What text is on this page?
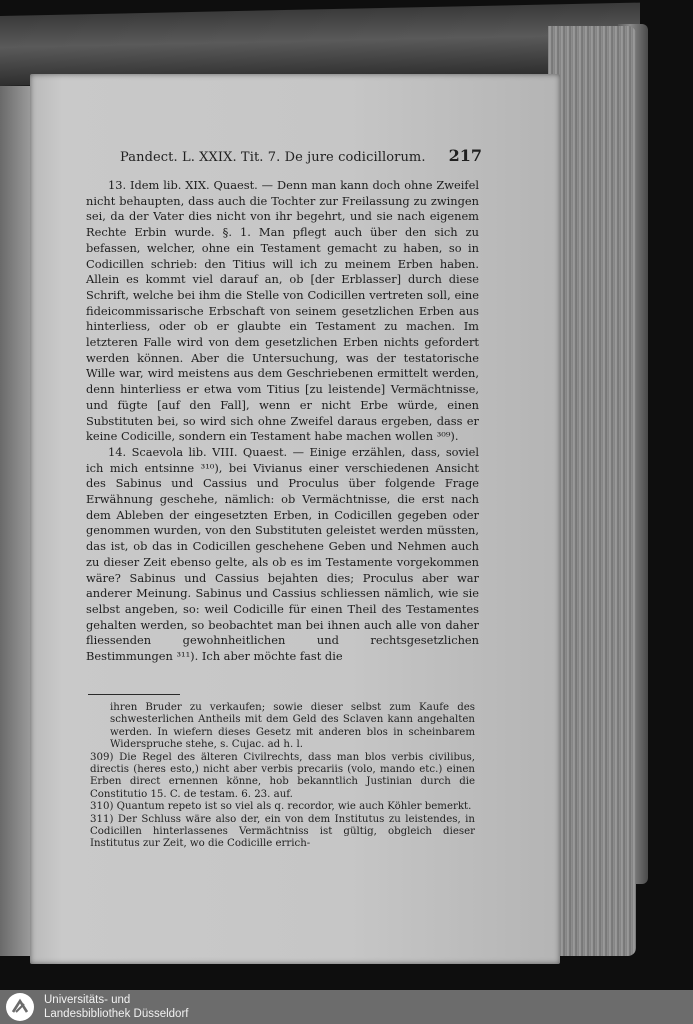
Pandect. L. XXIX. Tit. 7. De jure codicillorum. 217

13. Idem lib. XIX. Quaest. — Denn man kann doch ohne Zweifel nicht behaupten, dass auch die Tochter zur Freilassung zu zwingen sei, da der Vater dies nicht von ihr begehrt, und sie nach eigenem Rechte Erbin wurde. §. 1. Man pflegt auch über den sich zu befassen, welcher, ohne ein Testament gemacht zu haben, so in Codicillen schrieb: den Titius will ich zu meinem Erben haben. Allein es kommt viel darauf an, ob [der Erblasser] durch diese Schrift, welche bei ihm die Stelle von Codicillen vertreten soll, eine fideicommissarische Erbschaft von seinem gesetzlichen Erben aus hinterliess, oder ob er glaubte ein Testament zu machen. Im letzteren Falle wird von dem gesetzlichen Erben nichts gefordert werden können. Aber die Untersuchung, was der testatorische Wille war, wird meistens aus dem Geschriebenen ermittelt werden, denn hinterliess er etwa vom Titius [zu leistende] Vermächtnisse, und fügte [auf den Fall], wenn er nicht Erbe würde, einen Substituten bei, so wird sich ohne Zweifel daraus ergeben, dass er keine Codicille, sondern ein Testament habe machen wollen ³⁰⁹).

14. Scaevola lib. VIII. Quaest. — Einige erzählen, dass, soviel ich mich entsinne ³¹⁰), bei Vivianus einer verschiedenen Ansicht des Sabinus und Cassius und Proculus über folgende Frage Erwähnung geschehe, nämlich: ob Vermächtnisse, die erst nach dem Ableben der eingesetzten Erben, in Codicillen gegeben oder genommen wurden, von den Substituten geleistet werden müssten, das ist, ob das in Codicillen geschehene Geben und Nehmen auch zu dieser Zeit ebenso gelte, als ob es im Testamente vorgekommen wäre? Sabinus und Cassius bejahten dies; Proculus aber war anderer Meinung. Sabinus und Cassius schliessen nämlich, wie sie selbst angeben, so: weil Codicille für einen Theil des Testamentes gehalten werden, so beobachtet man bei ihnen auch alle von daher fliessenden gewohnheitlichen und rechtsgesetzlichen Bestimmungen ³¹¹). Ich aber möchte fast die

ihren Bruder zu verkaufen; sowie dieser selbst zum Kaufe des schwesterlichen Antheils mit dem Geld des Sclaven kann angehalten werden. In wiefern dieses Gesetz mit anderen blos in scheinbarem Widerspruche stehe, s. Cujac. ad h. l.

309) Die Regel des älteren Civilrechts, dass man blos verbis civilibus, directis (heres esto,) nicht aber verbis precariis (volo, mando etc.) einen Erben direct ernennen könne, hob bekanntlich Justinian durch die Constitutio 15. C. de testam. 6. 23. auf.

310) Quantum repeto ist so viel als q. recordor, wie auch Köhler bemerkt.

311) Der Schluss wäre also der, ein von dem Institutus zu leistendes, in Codicillen hinterlassenes Vermächtniss ist gültig, obgleich dieser Institutus zur Zeit, wo die Codicille errich-

Universitäts- und
Landesbibliothek Düsseldorf
